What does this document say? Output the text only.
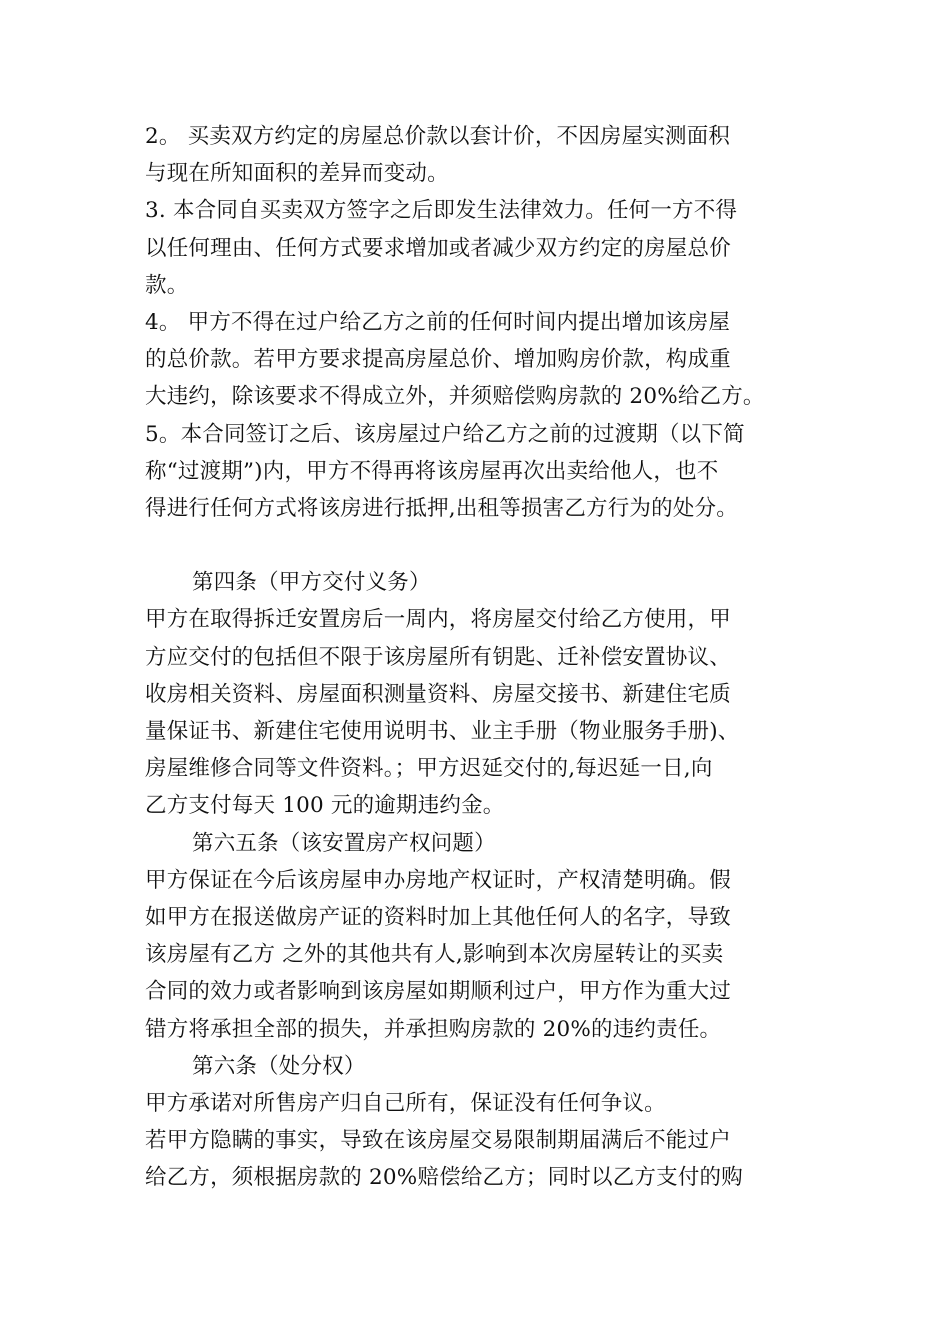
2。 买卖双方约定的房屋总价款以套计价，不因房屋实测面积
与现在所知面积的差异而变动。
3. 本合同自买卖双方签字之后即发生法律效力。任何一方不得
以任何理由、任何方式要求增加或者减少双方约定的房屋总价
款。
4。 甲方不得在过户给乙方之前的任何时间内提出增加该房屋
的总价款。若甲方要求提高房屋总价、增加购房价款，构成重
大违约，除该要求不得成立外，并须赔偿购房款的 20%给乙方。
5。本合同签订之后、该房屋过户给乙方之前的过渡期（以下简
称“过渡期”)内，甲方不得再将该房屋再次出卖给他人，也不
得进行任何方式将该房进行抵押,出租等损害乙方行为的处分。
第四条（甲方交付义务）
甲方在取得拆迁安置房后一周内，将房屋交付给乙方使用，甲
方应交付的包括但不限于该房屋所有钥匙、迁补偿安置协议、
收房相关资料、房屋面积测量资料、房屋交接书、新建住宅质
量保证书、新建住宅使用说明书、业主手册（物业服务手册)、
房屋维修合同等文件资料。；甲方迟延交付的,每迟延一日,向
乙方支付每天 100 元的逾期违约金。
第六五条（该安置房产权问题）
甲方保证在今后该房屋申办房地产权证时，产权清楚明确。假
如甲方在报送做房产证的资料时加上其他任何人的名字，导致
该房屋有乙方 之外的其他共有人,影响到本次房屋转让的买卖
合同的效力或者影响到该房屋如期顺利过户，甲方作为重大过
错方将承担全部的损失，并承担购房款的 20%的违约责任。
第六条（处分权）
甲方承诺对所售房产归自己所有，保证没有任何争议。
若甲方隐瞒的事实，导致在该房屋交易限制期届满后不能过户
给乙方，须根据房款的 20%赔偿给乙方；同时以乙方支付的购
